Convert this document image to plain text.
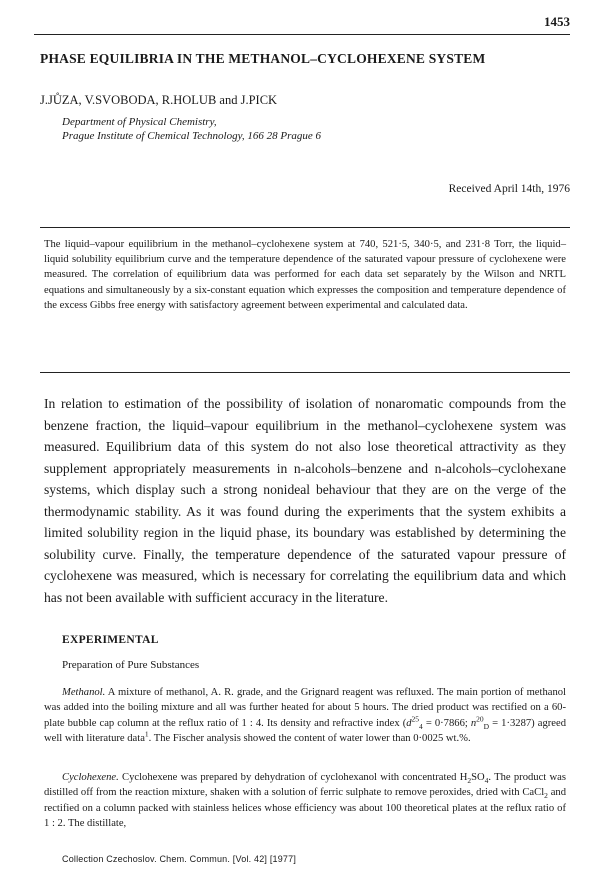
1453
PHASE EQUILIBRIA IN THE METHANOL–CYCLOHEXENE SYSTEM
J.JŮZA, V.SVOBODA, R.HOLUB and J.PICK
Department of Physical Chemistry,
Prague Institute of Chemical Technology, 166 28 Prague 6
Received April 14th, 1976
The liquid–vapour equilibrium in the methanol–cyclohexene system at 740, 521·5, 340·5, and 231·8 Torr, the liquid–liquid solubility equilibrium curve and the temperature dependence of the saturated vapour pressure of cyclohexene were measured. The correlation of equilibrium data was performed for each data set separately by the Wilson and NRTL equations and simultaneously by a six-constant equation which expresses the composition and temperature dependence of the excess Gibbs free energy with satisfactory agreement between experimental and calculated data.
In relation to estimation of the possibility of isolation of nonaromatic compounds from the benzene fraction, the liquid–vapour equilibrium in the methanol–cyclohexene system was measured. Equilibrium data of this system do not also lose theoretical attractivity as they supplement appropriately measurements in n-alcohols–benzene and n-alcohols–cyclohexane systems, which display such a strong nonideal behaviour that they are on the verge of the thermodynamic stability. As it was found during the experiments that the system exhibits a limited solubility region in the liquid phase, its boundary was established by determining the solubility curve. Finally, the temperature dependence of the saturated vapour pressure of cyclohexene was measured, which is necessary for correlating the equilibrium data and which has not been available with sufficient accuracy in the literature.
EXPERIMENTAL
Preparation of Pure Substances
Methanol. A mixture of methanol, A. R. grade, and the Grignard reagent was refluxed. The main portion of methanol was added into the boiling mixture and all was further heated for about 5 hours. The dried product was rectified on a 60-plate bubble cap column at the reflux ratio of 1 : 4. Its density and refractive index ($d^{25}_4 = 0\cdot 7866$; $n^{20}_D = 1\cdot 3287$) agreed well with literature data$^1$. The Fischer analysis showed the content of water lower than 0·0025 wt.%.
Cyclohexene. Cyclohexene was prepared by dehydration of cyclohexanol with concentrated $H_2SO_4$. The product was distilled off from the reaction mixture, shaken with a solution of ferric sulphate to remove peroxides, dried with CaCl$_2$ and rectified on a column packed with stainless helices whose efficiency was about 100 theoretical plates at the reflux ratio of 1 : 2. The distillate,
Collection Czechoslov. Chem. Commun. [Vol. 42] [1977]
